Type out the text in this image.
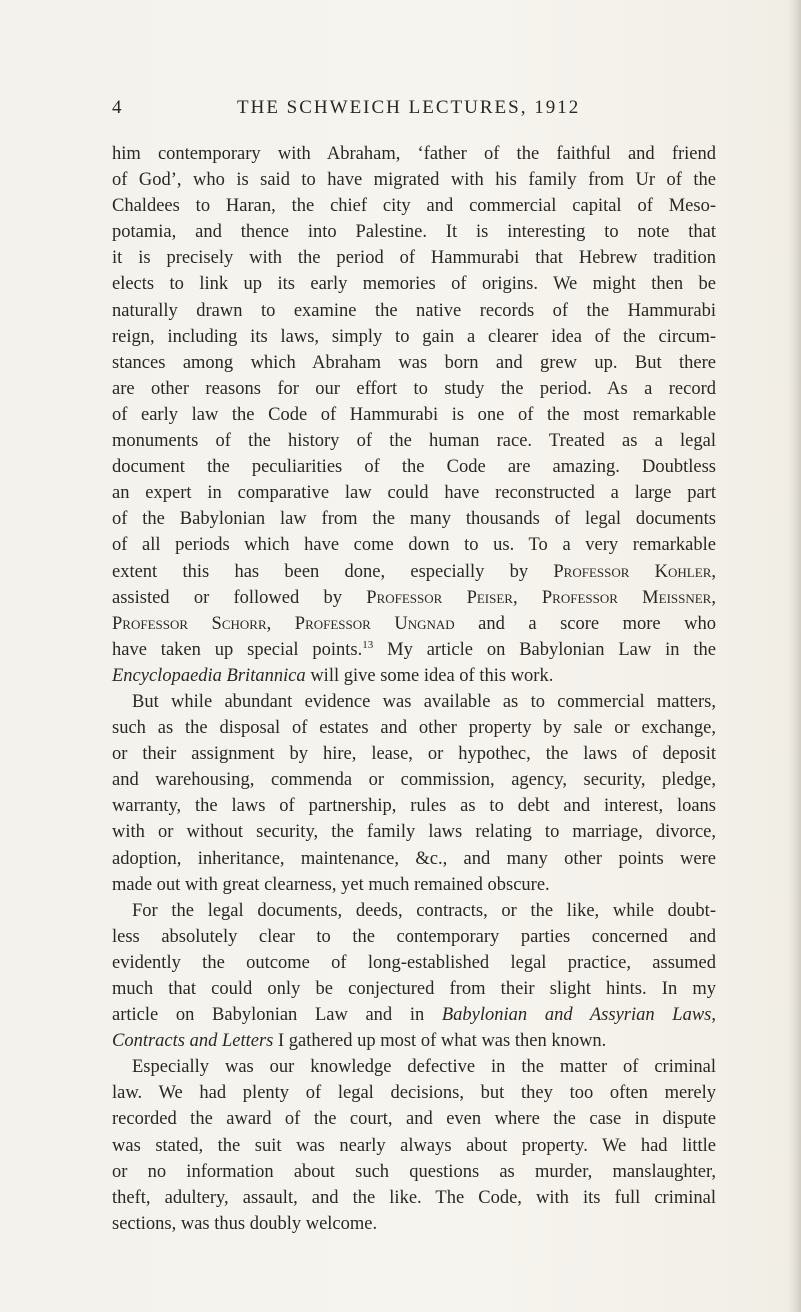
4	THE SCHWEICH LECTURES, 1912
him contemporary with Abraham, ‘father of the faithful and friend
of God’, who is said to have migrated with his family from Ur of the
Chaldees to Haran, the chief city and commercial capital of Meso-
potamia, and thence into Palestine. It is interesting to note that
it is precisely with the period of Hammurabi that Hebrew tradition
elects to link up its early memories of origins. We might then be
naturally drawn to examine the native records of the Hammurabi
reign, including its laws, simply to gain a clearer idea of the circum-
stances among which Abraham was born and grew up. But there
are other reasons for our effort to study the period. As a record
of early law the Code of Hammurabi is one of the most remarkable
monuments of the history of the human race. Treated as a legal
document the peculiarities of the Code are amazing. Doubtless
an expert in comparative law could have reconstructed a large part
of the Babylonian law from the many thousands of legal documents
of all periods which have come down to us. To a very remarkable
extent this has been done, especially by Professor Kohler,
assisted or followed by Professor Peiser, Professor Meissner,
Professor Schorr, Professor Ungnad and a score more who
have taken up special points.$^{13}$ My article on Babylonian Law in the
Encyclopaedia Britannica will give some idea of this work.
But while abundant evidence was available as to commercial matters,
such as the disposal of estates and other property by sale or exchange,
or their assignment by hire, lease, or hypothec, the laws of deposit
and warehousing, commenda or commission, agency, security, pledge,
warranty, the laws of partnership, rules as to debt and interest, loans
with or without security, the family laws relating to marriage, divorce,
adoption, inheritance, maintenance, &c., and many other points were
made out with great clearness, yet much remained obscure.
For the legal documents, deeds, contracts, or the like, while doubt-
less absolutely clear to the contemporary parties concerned and
evidently the outcome of long-established legal practice, assumed
much that could only be conjectured from their slight hints. In my
article on Babylonian Law and in Babylonian and Assyrian Laws,
Contracts and Letters I gathered up most of what was then known.
Especially was our knowledge defective in the matter of criminal
law. We had plenty of legal decisions, but they too often merely
recorded the award of the court, and even where the case in dispute
was stated, the suit was nearly always about property. We had little
or no information about such questions as murder, manslaughter,
theft, adultery, assault, and the like. The Code, with its full criminal
sections, was thus doubly welcome.
